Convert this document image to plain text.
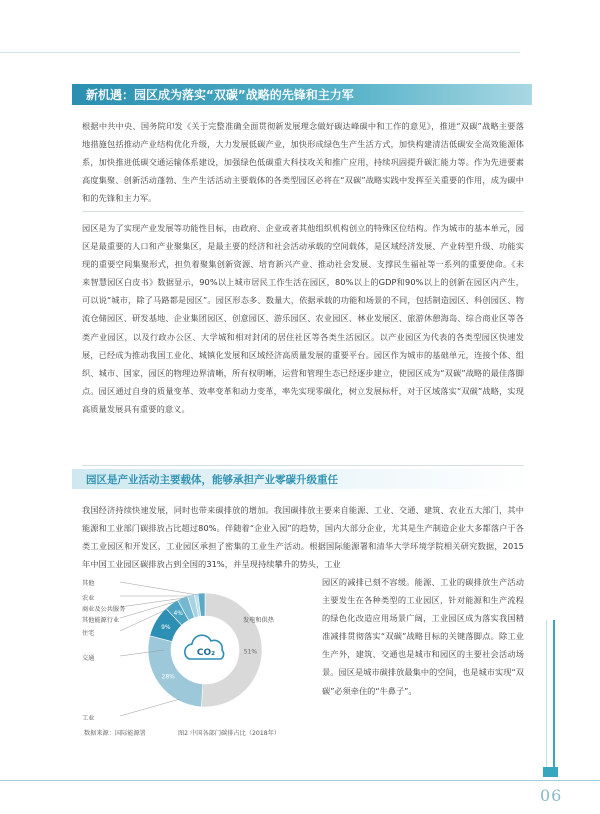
新机遇：园区成为落实“双碳”战略的先锋和主力军

根据中共中央、国务院印发《关于完整准确全面贯彻新发展理念做好碳达峰碳中和工作的意见》，推进“双碳”战略主要落地措施包括推动产业结构优化升级，大力发展低碳产业，加快形成绿色生产生活方式，加快构建清洁低碳安全高效能源体系，加快推进低碳交通运输体系建设，加强绿色低碳重大科技攻关和推广应用，持续巩固提升碳汇能力等。作为先进要素高度集聚、创新活动蓬勃、生产生活活动主要载体的各类型园区必将在“双碳”战略实践中发挥至关重要的作用，成为碳中和的先锋和主力军。

园区是为了实现产业发展等功能性目标，由政府、企业或者其他组织机构创立的特殊区位结构。作为城市的基本单元，园区是最重要的人口和产业聚集区，是最主要的经济和社会活动承载的空间载体，是区域经济发展、产业转型升级、功能实现的重要空间集聚形式，担负着聚集创新资源、培育新兴产业、推动社会发展、支撑民生福祉等一系列的重要使命。《未来智慧园区白皮书》数据显示，90%以上城市居民工作生活在园区，80%以上的GDP和90%以上的创新在园区内产生，可以说“城市，除了马路都是园区”。园区形态多、数量大，依据承载的功能和场景的不同，包括制造园区、科创园区、物流仓储园区、研发基地、企业集团园区、创意园区、游乐园区、农业园区、林业发展区、旅游休憩海岛、综合商业区等各类产业园区，以及行政办公区、大学城和相对封闭的居住社区等各类生活园区。以产业园区为代表的各类型园区快速发展，已经成为推动我国工业化、城镇化发展和区域经济高质量发展的重要平台。园区作为城市的基础单元，连接个体、组织、城市、国家，园区的物理边界清晰，所有权明晰，运营和管理生态已经逐步建立，使园区成为“双碳”战略的最佳落脚点。园区通过自身的质量变革、效率变革和动力变革，率先实现零碳化，树立发展标杆，对于区域落实“双碳”战略，实现高质量发展具有重要的意义。

园区是产业活动主要载体，能够承担产业零碳升级重任

我国经济持续快速发展，同时也带来碳排放的增加。我国碳排放主要来自能源、工业、交通、建筑、农业五大部门，其中能源和工业部门碳排放占比超过80%。伴随着“企业入园”的趋势，国内大部分企业，尤其是生产制造企业大多都落户于各类工业园区和开发区，工业园区承担了密集的工业生产活动。根据国际能源署和清华大学环境学院相关研究数据，2015年中国工业园区碳排放占到全国的31%，并呈现持续攀升的势头，工业

园区的减排已刻不容缓。能源、工业的碳排放生产活动主要发生在各种类型的工业园区，针对能源和生产流程的绿色化改造应用场景广阔，工业园区成为落实我国精准减排贯彻落实“双碳”战略目标的关键落脚点。除工业生产外，建筑、交通也是城市和园区的主要社会活动场景。园区是城市碳排放最集中的空间，也是城市实现“双碳”必须牵住的“牛鼻子”。

51%
28%
9%
4%
CO₂
其他
农业
商业及公共服务
其他能源行业
住宅
交通
工业
发电和供热
数据来源：国际能源署	图2 中国各部门碳排占比（2018年）
06
